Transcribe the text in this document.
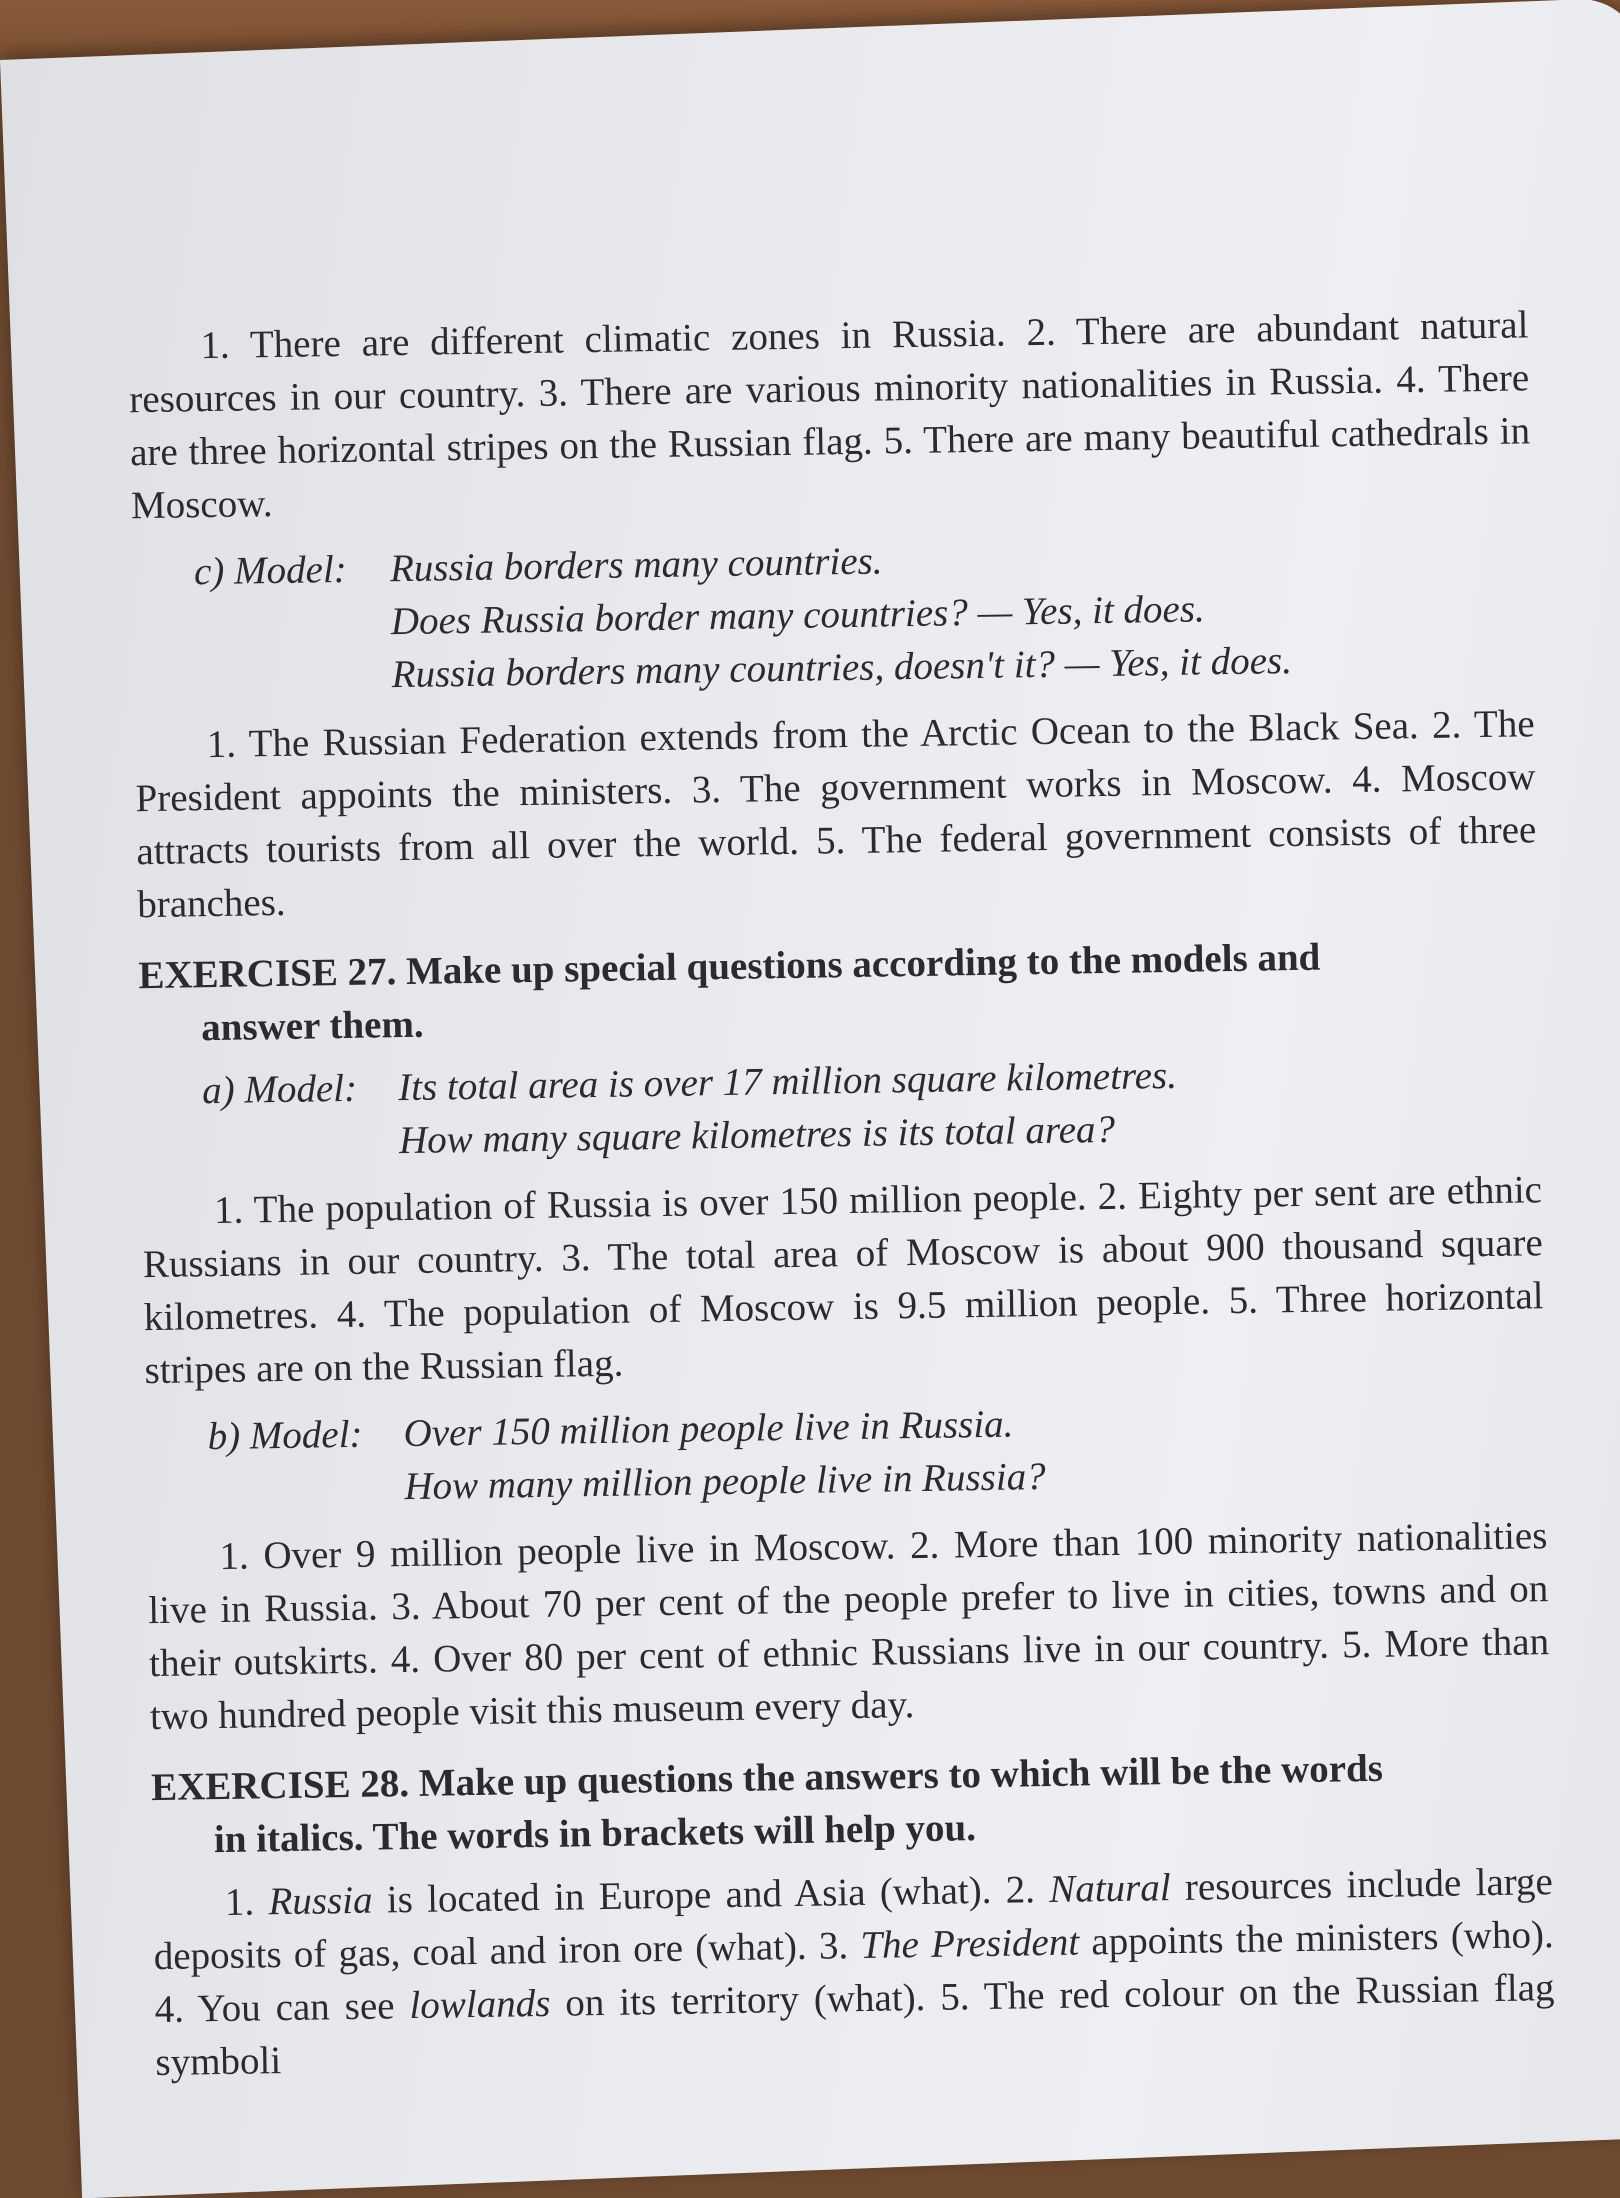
1. There are different climatic zones in Russia. 2. There are abundant natural resources in our country. 3. There are various minority nationalities in Russia. 4. There are three horizontal stripes on the Russian flag. 5. There are many beautiful cathedrals in Moscow.

c) Model:	Russia borders many countries.
Does Russia border many countries? — Yes, it does.
Russia borders many countries, doesn't it? — Yes, it does.

1. The Russian Federation extends from the Arctic Ocean to the Black Sea. 2. The President appoints the ministers. 3. The government works in Moscow. 4. Moscow attracts tourists from all over the world. 5. The federal government consists of three branches.

EXERCISE 27. Make up special questions according to the models and
answer them.
a) Model:	Its total area is over 17 million square kilometres.
How many square kilometres is its total area?

1. The population of Russia is over 150 million people. 2. Eighty per sent are ethnic Russians in our country. 3. The total area of Moscow is about 900 thousand square kilometres. 4. The population of Moscow is 9.5 million people. 5. Three horizontal stripes are on the Russian flag.

b) Model:	Over 150 million people live in Russia.
How many million people live in Russia?

1. Over 9 million people live in Moscow. 2. More than 100 minority nationalities live in Russia. 3. About 70 per cent of the people prefer to live in cities, towns and on their outskirts. 4. Over 80 per cent of ethnic Russians live in our country. 5. More than two hundred people visit this museum every day.

EXERCISE 28. Make up questions the answers to which will be the words
in italics. The words in brackets will help you.

1. Russia is located in Europe and Asia (what). 2. Natural resources include large deposits of gas, coal and iron ore (what). 3. The President appoints the ministers (who). 4. You can see lowlands on its territory (what). 5. The red colour on the Russian flag symboli
